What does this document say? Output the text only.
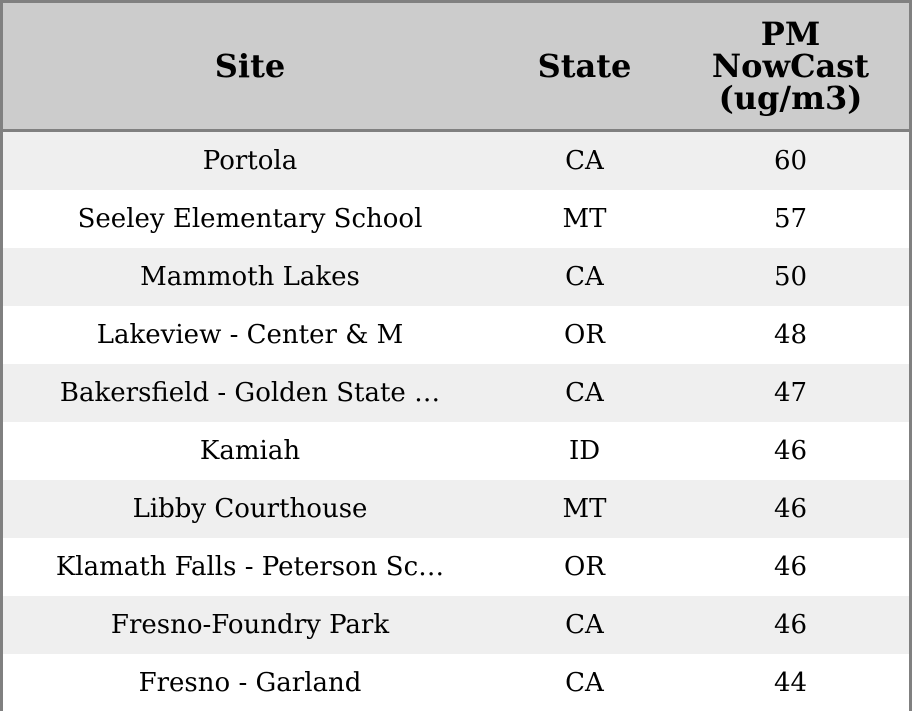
Site	State	PM
NowCast
(ug/m3)
Portola	CA	60
Seeley Elementary School	MT	57
Mammoth Lakes	CA	50
Lakeview - Center & M	OR	48
Bakersfield - Golden State …	CA	47
Kamiah	ID	46
Libby Courthouse	MT	46
Klamath Falls - Peterson Sc…	OR	46
Fresno-Foundry Park	CA	46
Fresno - Garland	CA	44
